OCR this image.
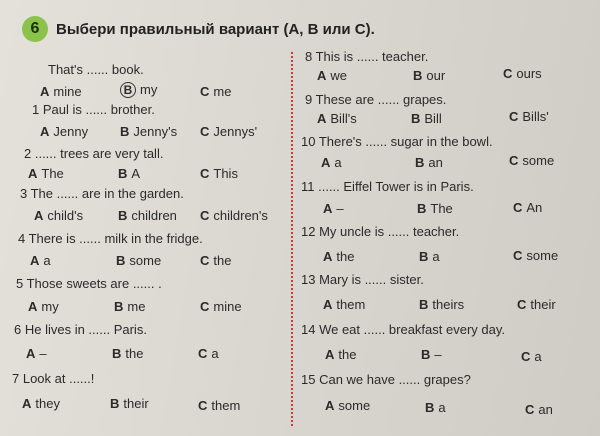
6	Выбери правильный вариант (A, B или C).
That's ...... book.
A mine	B my	C me
1 Paul is ...... brother.
A Jenny B Jenny's C Jennys'
2 ...... trees are very tall.
A The	B A	C This
3 The ...... are in the garden.
A child's	B children C children's
4 There is ...... milk in the fridge.
A a	B some	C the
5 Those sweets are ...... .
A my	B me	C mine
6 He lives in ...... Paris.
A –	B the	C a
7 Look at ......!
A they	B their	C them
8 This is ...... teacher.
A we	B our	C ours
9 These are ...... grapes.
A Bill's	B Bill	C Bills'
10 There's ...... sugar in the bowl.
A a	B an	C some
11 ...... Eiffel Tower is in Paris.
A –	B The	C An
12 My uncle is ...... teacher.
A the	B a	C some
13 Mary is ...... sister.
A them	B theirs	C their
14 We eat ...... breakfast every day.
A the	B –	C a
15 Can we have ...... grapes?
A some	B a	C an
